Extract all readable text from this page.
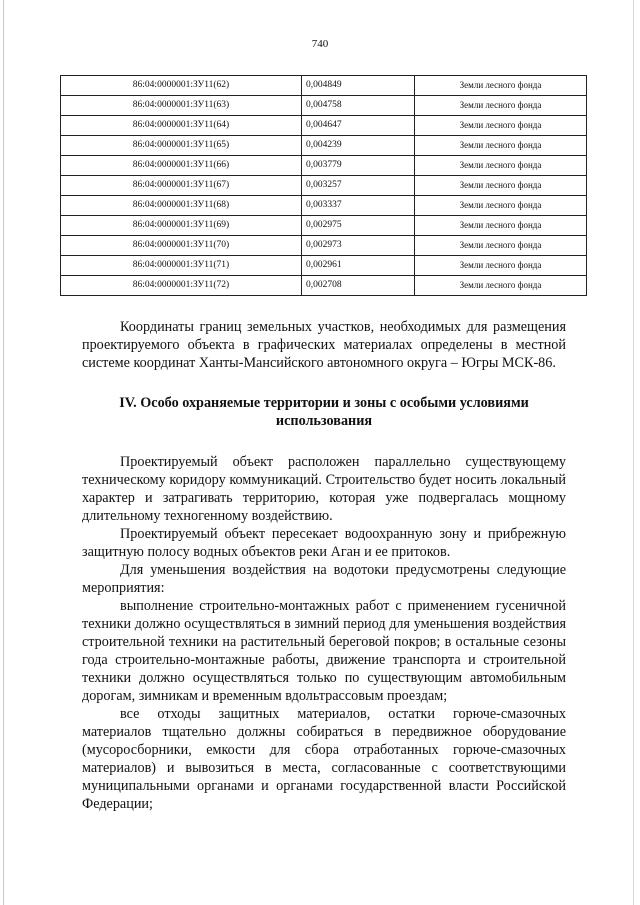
740
86:04:0000001:ЗУ11(62)	0,004849	Земли лесного фонда
86:04:0000001:ЗУ11(63)	0,004758	Земли лесного фонда
86:04:0000001:ЗУ11(64)	0,004647	Земли лесного фонда
86:04:0000001:ЗУ11(65)	0,004239	Земли лесного фонда
86:04:0000001:ЗУ11(66)	0,003779	Земли лесного фонда
86:04:0000001:ЗУ11(67)	0,003257	Земли лесного фонда
86:04:0000001:ЗУ11(68)	0,003337	Земли лесного фонда
86:04:0000001:ЗУ11(69)	0,002975	Земли лесного фонда
86:04:0000001:ЗУ11(70)	0,002973	Земли лесного фонда
86:04:0000001:ЗУ11(71)	0,002961	Земли лесного фонда
86:04:0000001:ЗУ11(72)	0,002708	Земли лесного фонда

Координаты границ земельных участков, необходимых для размещения проектируемого объекта в графических материалах определены в местной системе координат Ханты-Мансийского автономного округа – Югры МСК-86.

IV. Особо охраняемые территории и зоны с особыми условиями использования

Проектируемый объект расположен параллельно существующему техническому коридору коммуникаций. Строительство будет носить локальный характер и затрагивать территорию, которая уже подвергалась мощному длительному техногенному воздействию.

Проектируемый объект пересекает водоохранную зону и прибрежную защитную полосу водных объектов реки Аган и ее притоков.

Для уменьшения воздействия на водотоки предусмотрены следующие мероприятия:

выполнение строительно-монтажных работ с применением гусеничной техники должно осуществляться в зимний период для уменьшения воздействия строительной техники на растительный береговой покров; в остальные сезоны года строительно-монтажные работы, движение транспорта и строительной техники должно осуществляться только по существующим автомобильным дорогам, зимникам и временным вдольтрассовым проездам;

все отходы защитных материалов, остатки горюче-смазочных материалов тщательно должны собираться в передвижное оборудование (мусоросборники, емкости для сбора отработанных горюче-смазочных материалов) и вывозиться в места, согласованные с соответствующими муниципальными органами и органами государственной власти Российской Федерации;
